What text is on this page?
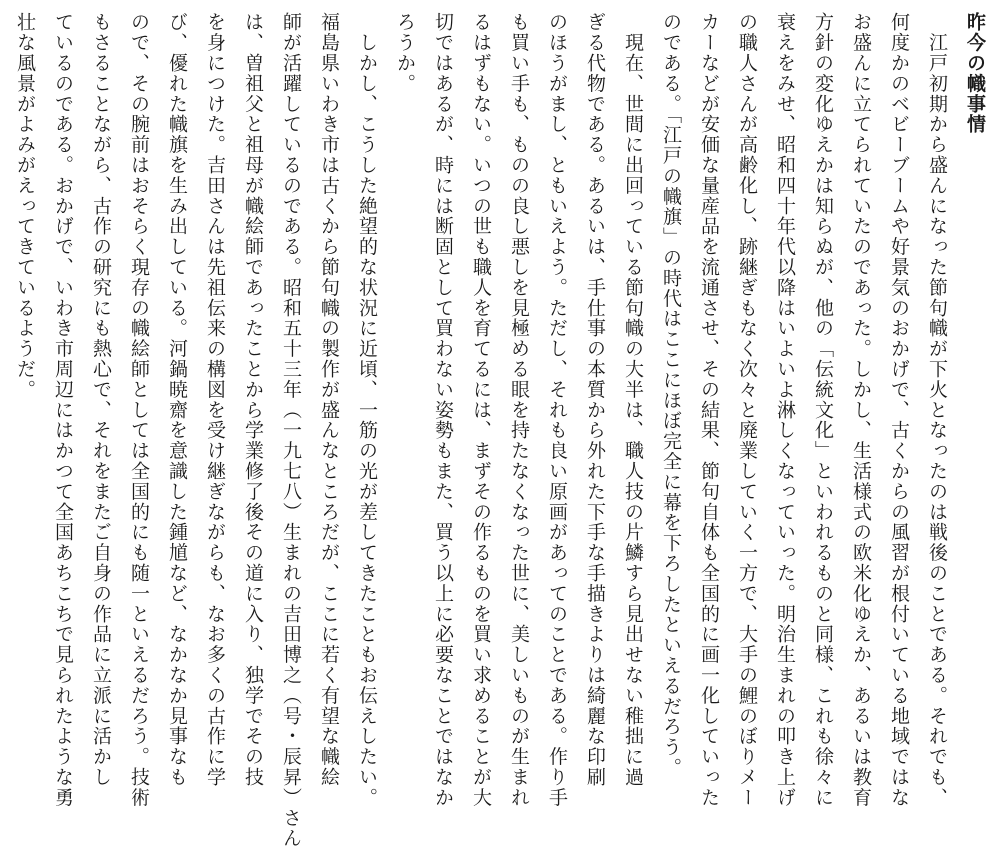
昨今の幟事情
　江戸初期から盛んになった節句幟が下火となったのは戦後のことである。それでも、
何度かのベビーブームや好景気のおかげで、古くからの風習が根付いている地域ではな
お盛んに立てられていたのであった。しかし、生活様式の欧米化ゆえか、あるいは教育
方針の変化ゆえかは知らぬが、他の「伝統文化」といわれるものと同様、これも徐々に
衰えをみせ、昭和四十年代以降はいよいよ淋しくなっていった。明治生まれの叩き上げ
の職人さんが高齢化し、跡継ぎもなく次々と廃業していく一方で、大手の鯉のぼりメー
カーなどが安価な量産品を流通させ、その結果、節句自体も全国的に画一化していった
のである。「江戸の幟旗」の時代はここにほぼ完全に幕を下ろしたといえるだろう。
　現在、世間に出回っている節句幟の大半は、職人技の片鱗すら見出せない稚拙に過
ぎる代物である。あるいは、手仕事の本質から外れた下手な手描きよりは綺麗な印刷
のほうがまし、ともいえよう。ただし、それも良い原画があってのことである。作り手
も買い手も、ものの良し悪しを見極める眼を持たなくなった世に、美しいものが生まれ
るはずもない。いつの世も職人を育てるには、まずその作るものを買い求めることが大
切ではあるが、時には断固として買わない姿勢もまた、買う以上に必要なことではなか
ろうか。
　しかし、こうした絶望的な状況に近頃、一筋の光が差してきたこともお伝えしたい。
福島県いわき市は古くから節句幟の製作が盛んなところだが、ここに若く有望な幟絵
師が活躍しているのである。昭和五十三年（一九七八）生まれの吉田博之（号・辰昇）さん
は、曽祖父と祖母が幟絵師であったことから学業修了後その道に入り、独学でその技
を身につけた。吉田さんは先祖伝来の構図を受け継ぎながらも、なお多くの古作に学
び、優れた幟旗を生み出している。河鍋暁齋を意識した鍾馗など、なかなか見事なも
ので、その腕前はおそらく現存の幟絵師としては全国的にも随一といえるだろう。技術
もさることながら、古作の研究にも熱心で、それをまたご自身の作品に立派に活かし
ているのである。おかげで、いわき市周辺にはかつて全国あちこちで見られたような勇
壮な風景がよみがえってきているようだ。
